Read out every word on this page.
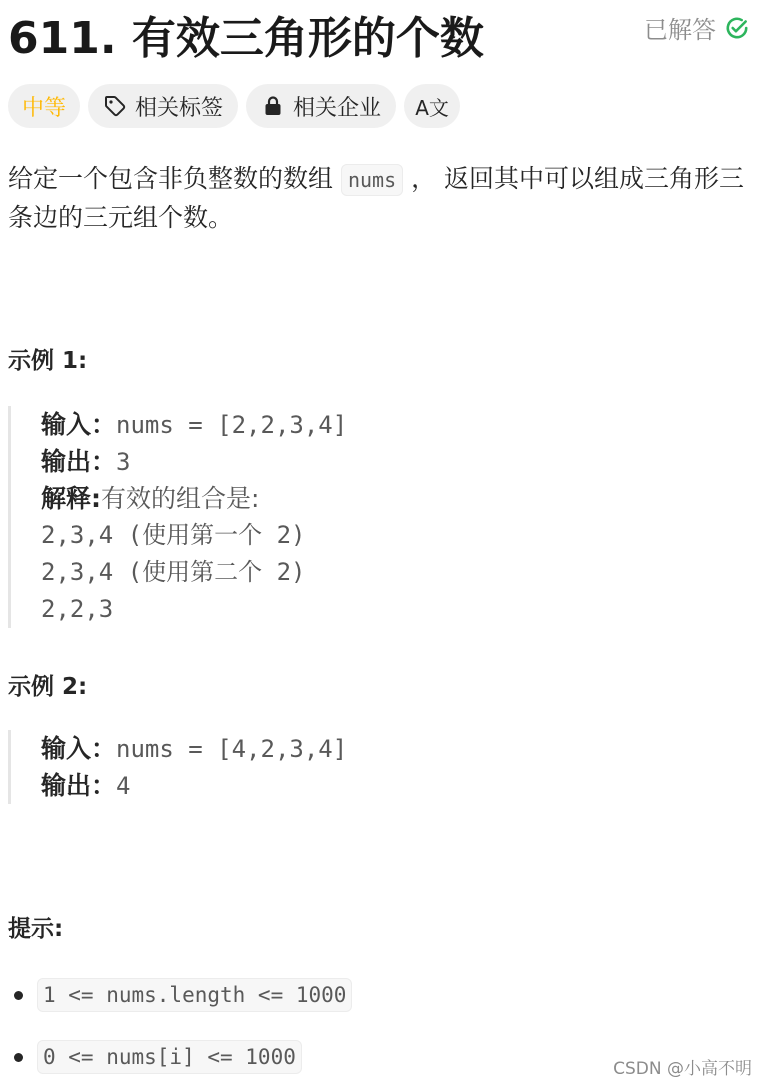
611. 有效三角形的个数	已解答
中等	相关标签	相关企业 A文
给定一个包含非负整数的数组 nums ， 返回其中可以组成三角形三条边的三元组个数。
示例 1:
输入：nums = [2,2,3,4]
输出：3
解释:有效的组合是:
2,3,4 (使用第一个 2)
2,3,4 (使用第二个 2)
2,2,3
示例 2:
输入：nums = [4,2,3,4]
输出：4
提示:
1 <= nums.length <= 1000
0 <= nums[i] <= 1000	CSDN @小高不明
